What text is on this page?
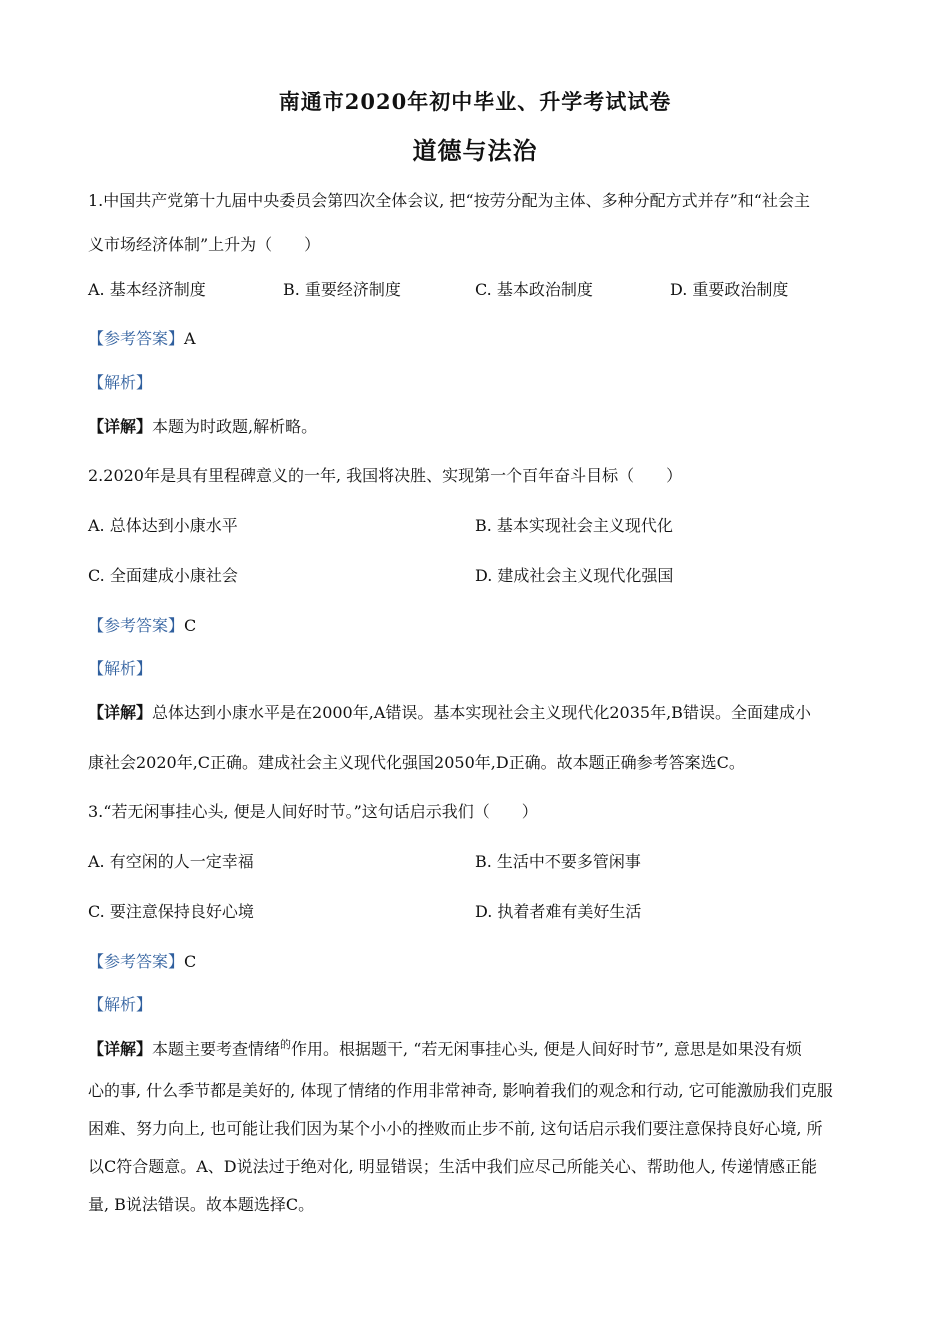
南通市2020年初中毕业、升学考试试卷
道德与法治
1.中国共产党第十九届中央委员会第四次全体会议, 把“按劳分配为主体、多种分配方式并存”和“社会主
义市场经济体制”上升为（　　）
A. 基本经济制度	B. 重要经济制度	C. 基本政治制度	D. 重要政治制度
【参考答案】A
【解析】
【详解】本题为时政题,解析略。
2.2020年是具有里程碑意义的一年, 我国将决胜、实现第一个百年奋斗目标（　　）
A. 总体达到小康水平	B. 基本实现社会主义现代化
C. 全面建成小康社会	D. 建成社会主义现代化强国
【参考答案】C
【解析】
【详解】总体达到小康水平是在2000年,A错误。基本实现社会主义现代化2035年,B错误。全面建成小
康社会2020年,C正确。建成社会主义现代化强国2050年,D正确。故本题正确参考答案选C。
3.“若无闲事挂心头, 便是人间好时节。”这句话启示我们（　　）
A. 有空闲的人一定幸福	B. 生活中不要多管闲事
C. 要注意保持良好心境	D. 执着者难有美好生活
【参考答案】C
【解析】
【详解】本题主要考查情绪$^的$作用。根据题干, “若无闲事挂心头, 便是人间好时节”, 意思是如果没有烦
心的事, 什么季节都是美好的, 体现了情绪的作用非常神奇, 影响着我们的观念和行动, 它可能激励我们克服
困难、努力向上, 也可能让我们因为某个小小的挫败而止步不前, 这句话启示我们要注意保持良好心境, 所
以C符合题意。A、D说法过于绝对化, 明显错误；生活中我们应尽己所能关心、帮助他人, 传递情感正能
量, B说法错误。故本题选择C。
